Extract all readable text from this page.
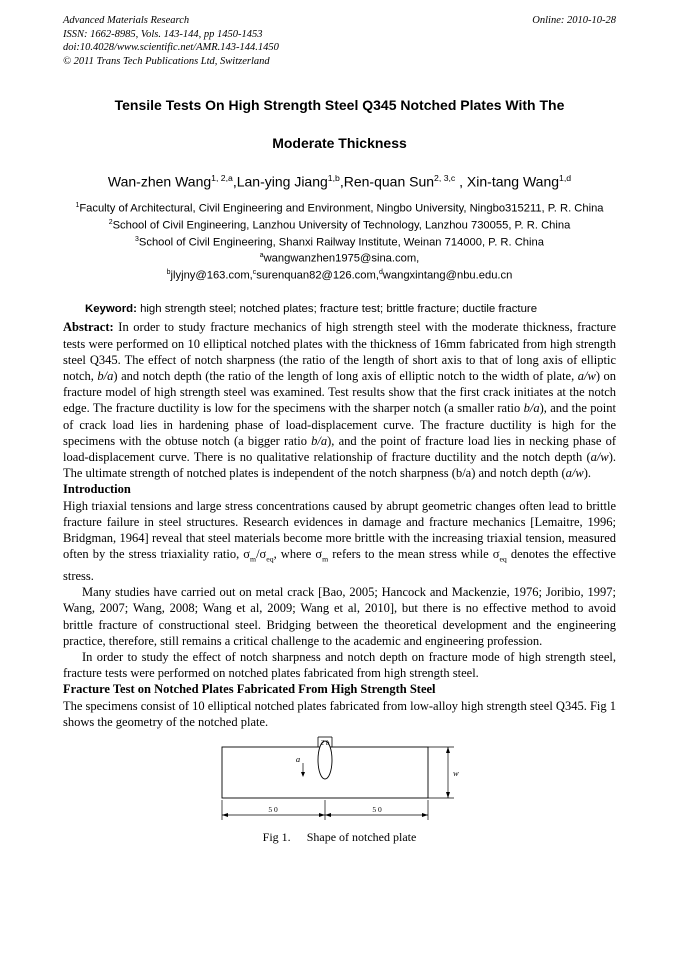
Advanced Materials Research
ISSN: 1662-8985, Vols. 143-144, pp 1450-1453
doi:10.4028/www.scientific.net/AMR.143-144.1450
© 2011 Trans Tech Publications Ltd, Switzerland
Online: 2010-10-28
Tensile Tests On High Strength Steel Q345 Notched Plates With The
Moderate Thickness
Wan-zhen Wang$^{1, 2,a}$,Lan-ying Jiang$^{1,b}$,Ren-quan Sun$^{2, 3,c}$ , Xin-tang Wang$^{1,d}$
$^1$Faculty of Architectural, Civil Engineering and Environment, Ningbo University, Ningbo315211, P. R. China
$^2$School of Civil Engineering, Lanzhou University of Technology, Lanzhou 730055, P. R. China
$^3$School of Civil Engineering, Shanxi Railway Institute, Weinan 714000, P. R. China
$^a$wangwanzhen1975@sina.com,
$^b$jlyjny@163.com,$^c$surenquan82@126.com,$^d$wangxintang@nbu.edu.cn
Keyword: high strength steel; notched plates; fracture test; brittle fracture; ductile fracture
Abstract: In order to study fracture mechanics of high strength steel with the moderate thickness, fracture tests were performed on 10 elliptical notched plates with the thickness of 16mm fabricated from high strength steel Q345. The effect of notch sharpness (the ratio of the length of short axis to that of long axis of elliptic notch, b/a) and notch depth (the ratio of the length of long axis of elliptic notch to the width of plate, a/w) on fracture model of high strength steel was examined. Test results show that the first crack initiates at the notch edge. The fracture ductility is low for the specimens with the sharper notch (a smaller ratio b/a), and the point of crack load lies in hardening phase of load-displacement curve. The fracture ductility is high for the specimens with the obtuse notch (a bigger ratio b/a), and the point of fracture load lies in necking phase of load-displacement curve. There is no qualitative relationship of fracture ductility and the notch depth (a/w). The ultimate strength of notched plates is independent of the notch sharpness (b/a) and notch depth (a/w).
Introduction
High triaxial tensions and large stress concentrations caused by abrupt geometric changes often lead to brittle fracture failure in steel structures. Research evidences in damage and fracture mechanics [Lemaitre, 1996; Bridgman, 1964] reveal that steel materials become more brittle with the increasing triaxial tension, measured often by the stress triaxiality ratio, $\sigma_m/\sigma_{eq}$, where $\sigma_m$ refers to the mean stress while $\sigma_{eq}$ denotes the effective stress.
Many studies have carried out on metal crack [Bao, 2005; Hancock and Mackenzie, 1976; Joribio, 1997; Wang, 2007; Wang, 2008; Wang et al, 2009; Wang et al, 2010], but there is no effective method to avoid brittle fracture of constructional steel. Bridging between the theoretical development and the engineering practice, therefore, still remains a critical challenge to the academic and engineering profession.
In order to study the effect of notch sharpness and notch depth on fracture mode of high strength steel, fracture tests were performed on notched plates fabricated from high strength steel.
Fracture Test on Notched Plates Fabricated From High Strength Steel
The specimens consist of 10 elliptical notched plates fabricated from low-alloy high strength steel Q345. Fig 1 shows the geometry of the notched plate.
2 b
a
w
5 0	5 0
Fig 1. Shape of notched plate
